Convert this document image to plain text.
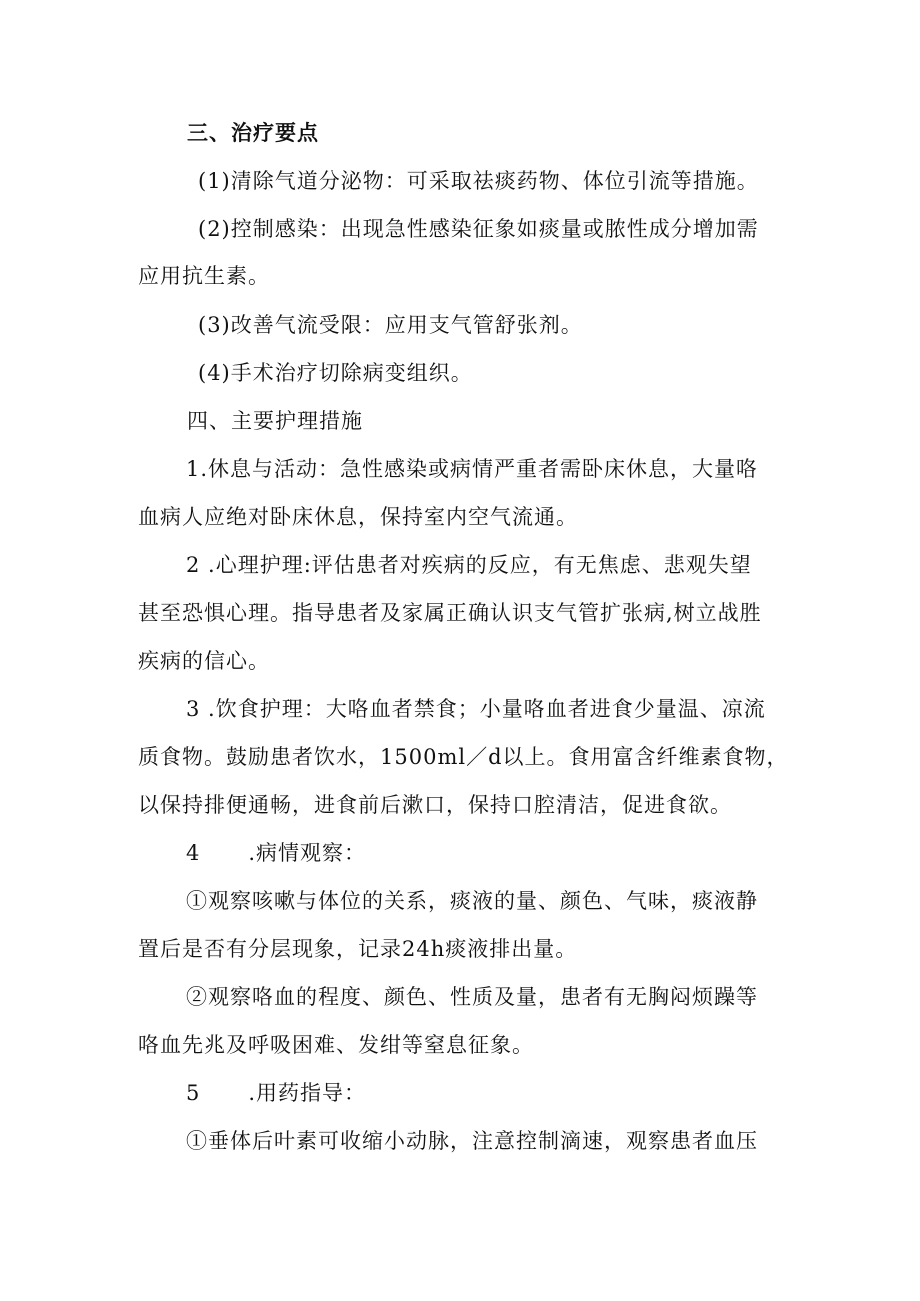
三、治疗要点
(1)清除气道分泌物：可采取祛痰药物、体位引流等措施。
(2)控制感染：出现急性感染征象如痰量或脓性成分增加需
应用抗生素。
(3)改善气流受限：应用支气管舒张剂。
(4)手术治疗切除病变组织。
四、主要护理措施
1.休息与活动：急性感染或病情严重者需卧床休息，大量咯
血病人应绝对卧床休息，保持室内空气流通。
2 .心理护理:评估患者对疾病的反应，有无焦虑、悲观失望
甚至恐惧心理。指导患者及家属正确认识支气管扩张病,树立战胜
疾病的信心。
3 .饮食护理：大咯血者禁食；小量咯血者进食少量温、凉流
质食物。鼓励患者饮水，1500ml／d以上。食用富含纤维素食物，
以保持排便通畅，进食前后漱口，保持口腔清洁，促进食欲。
4 .病情观察：
①观察咳嗽与体位的关系，痰液的量、颜色、气味，痰液静
置后是否有分层现象，记录24h痰液排出量。
②观察咯血的程度、颜色、性质及量，患者有无胸闷烦躁等
咯血先兆及呼吸困难、发绀等窒息征象。
5 .用药指导：
①垂体后叶素可收缩小动脉，注意控制滴速，观察患者血压
